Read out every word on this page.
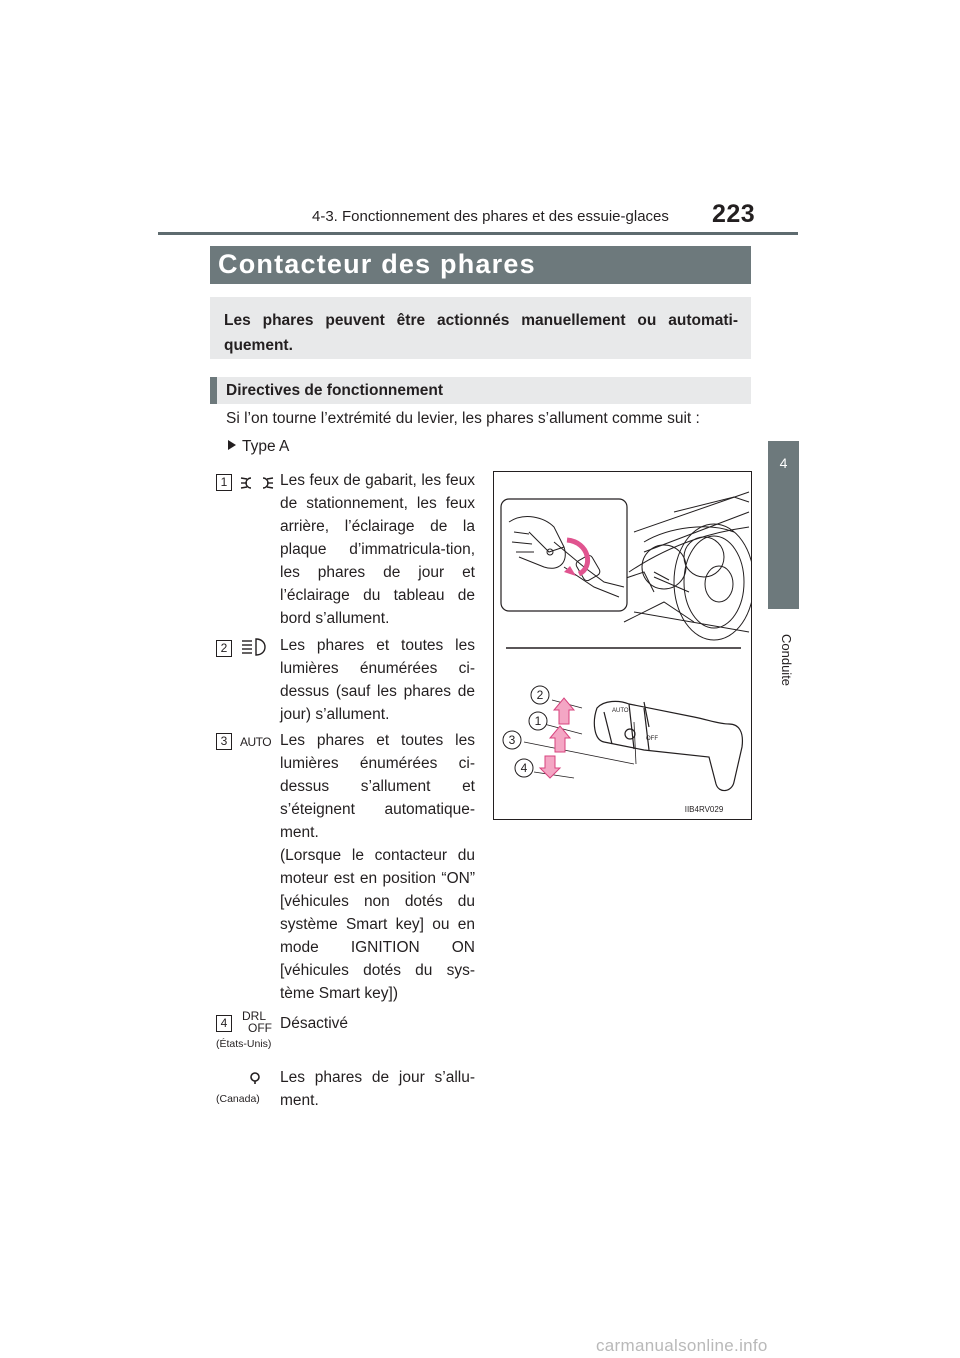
4-3. Fonctionnement des phares et des essuie-glaces 223
4
Conduite
Contacteur des phares
Les phares peuvent être actionnés manuellement ou automati-quement.
Directives de fonctionnement
Si l’on tourne l’extrémité du levier, les phares s’allument comme suit :
Type A
1	Les feux de gabarit, les feux de stationnement, les feux arrière, l’éclairage de la plaque d’immatricula-tion, les phares de jour et l’éclairage du tableau de bord s’allument.
2	Les phares et toutes les lumières énumérées ci-dessus (sauf les phares de jour) s’allument.
3	AUTO Les phares et toutes les lumières énumérées ci-dessus s’allument et s’éteignent automatique-ment.
(Lorsque le contacteur du moteur est en position “ON” [véhicules non dotés du système Smart key] ou en mode IGNITION ON [véhicules dotés du sys-tème Smart key])
4	DRL
OFF
(États-Unis)
Désactivé
(Canada)
Les phares de jour s’allu-ment.
AUTO
OFF
2
1
3
4
IIB4RV029
carmanualsonline.info
